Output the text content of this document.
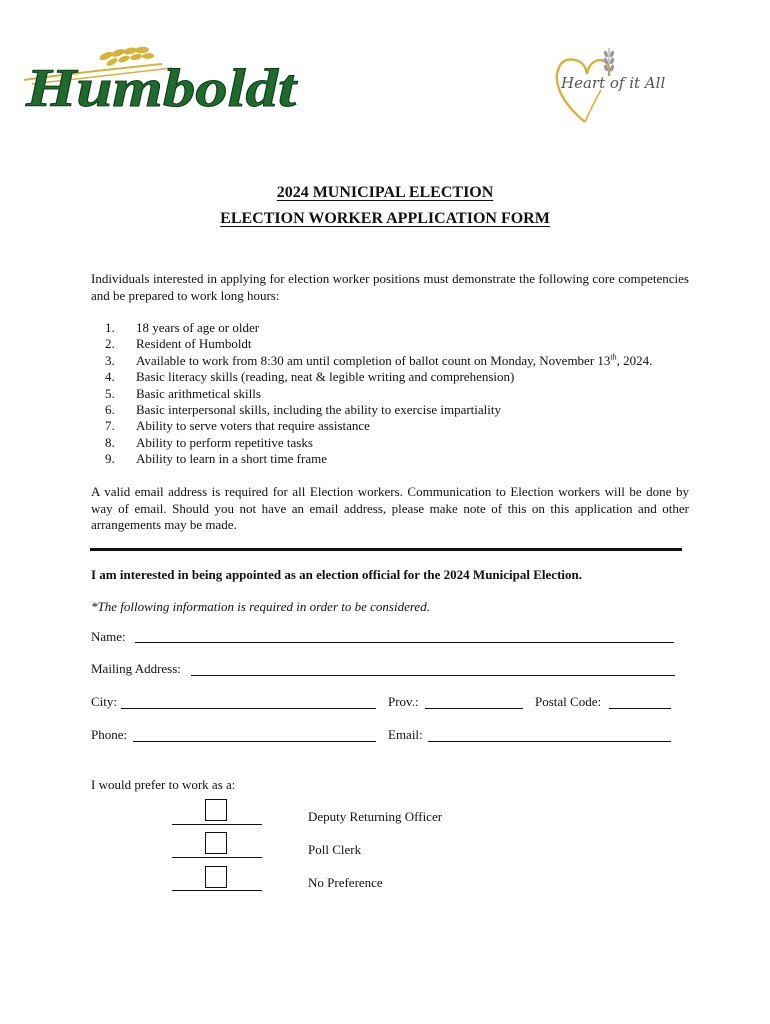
Humboldt	Heart of it All
2024 MUNICIPAL ELECTION
ELECTION WORKER APPLICATION FORM
Individuals interested in applying for election worker positions must demonstrate the following core competencies and be prepared to work long hours:
1. 18 years of age or older
2. Resident of Humboldt
3. Available to work from 8:30 am until completion of ballot count on Monday, November 13th, 2024.
4. Basic literacy skills (reading, neat & legible writing and comprehension)
5. Basic arithmetical skills
6. Basic interpersonal skills, including the ability to exercise impartiality
7. Ability to serve voters that require assistance
8. Ability to perform repetitive tasks
9. Ability to learn in a short time frame
A valid email address is required for all Election workers. Communication to Election workers will be done by way of email. Should you not have an email address, please make note of this on this application and other arrangements may be made.
I am interested in being appointed as an election official for the 2024 Municipal Election.
*The following information is required in order to be considered.
Name:
Mailing Address:
City:	Prov.:	Postal Code:
Phone:	Email:
I would prefer to work as a:
Deputy Returning Officer
Poll Clerk
No Preference
